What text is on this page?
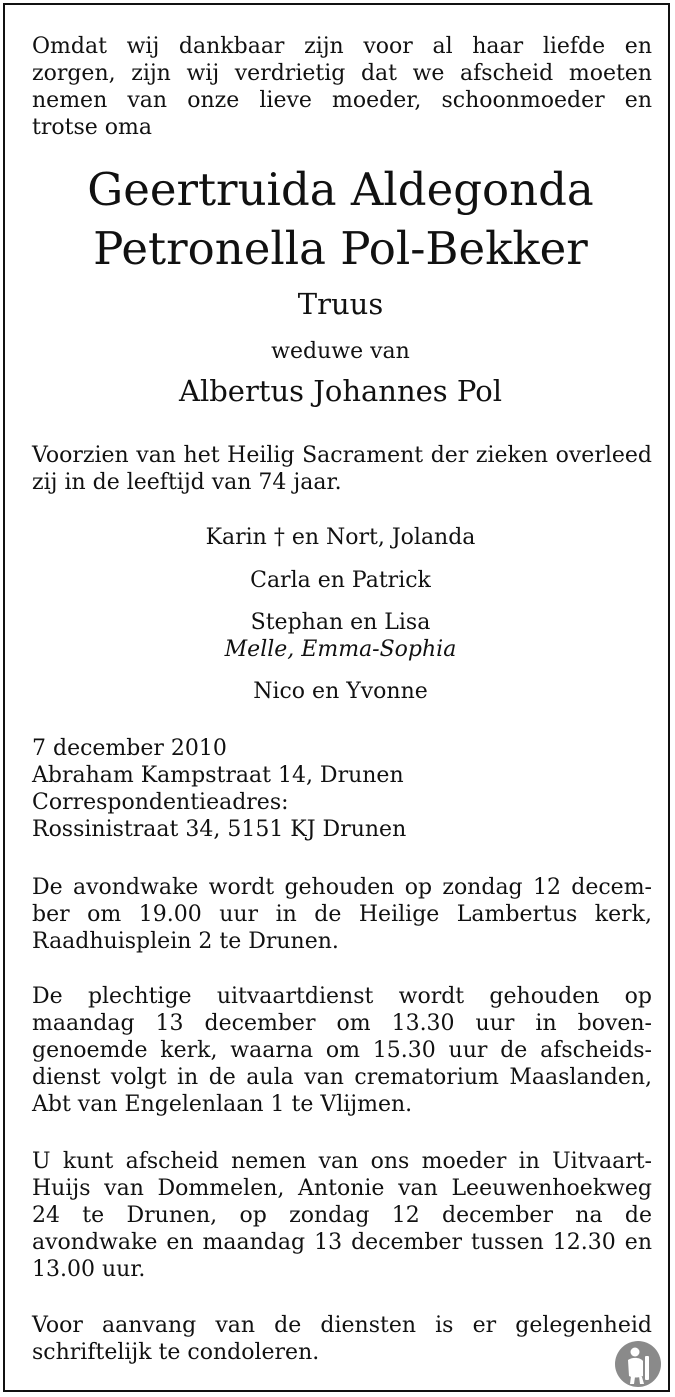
Omdat wij dankbaar zijn voor al haar liefde en
zorgen, zijn wij verdrietig dat we afscheid moeten
nemen van onze lieve moeder, schoonmoeder en
trotse oma
Geertruida Aldegonda
Petronella Pol-Bekker
Truus
weduwe van
Albertus Johannes Pol
Voorzien van het Heilig Sacrament der zieken overleed
zij in de leeftijd van 74 jaar.
Karin † en Nort, Jolanda
Carla en Patrick
Stephan en Lisa
Melle, Emma-Sophia
Nico en Yvonne
7 december 2010
Abraham Kampstraat 14, Drunen
Correspondentieadres:
Rossinistraat 34, 5151 KJ Drunen
De avondwake wordt gehouden op zondag 12 decem-
ber om 19.00 uur in de Heilige Lambertus kerk,
Raadhuisplein 2 te Drunen.
De plechtige uitvaartdienst wordt gehouden op
maandag 13 december om 13.30 uur in boven-
genoemde kerk, waarna om 15.30 uur de afscheids-
dienst volgt in de aula van crematorium Maaslanden,
Abt van Engelenlaan 1 te Vlijmen.
U kunt afscheid nemen van ons moeder in Uitvaart-
Huijs van Dommelen, Antonie van Leeuwenhoekweg
24 te Drunen, op zondag 12 december na de
avondwake en maandag 13 december tussen 12.30 en
13.00 uur.
Voor aanvang van de diensten is er gelegenheid
schriftelijk te condoleren.
